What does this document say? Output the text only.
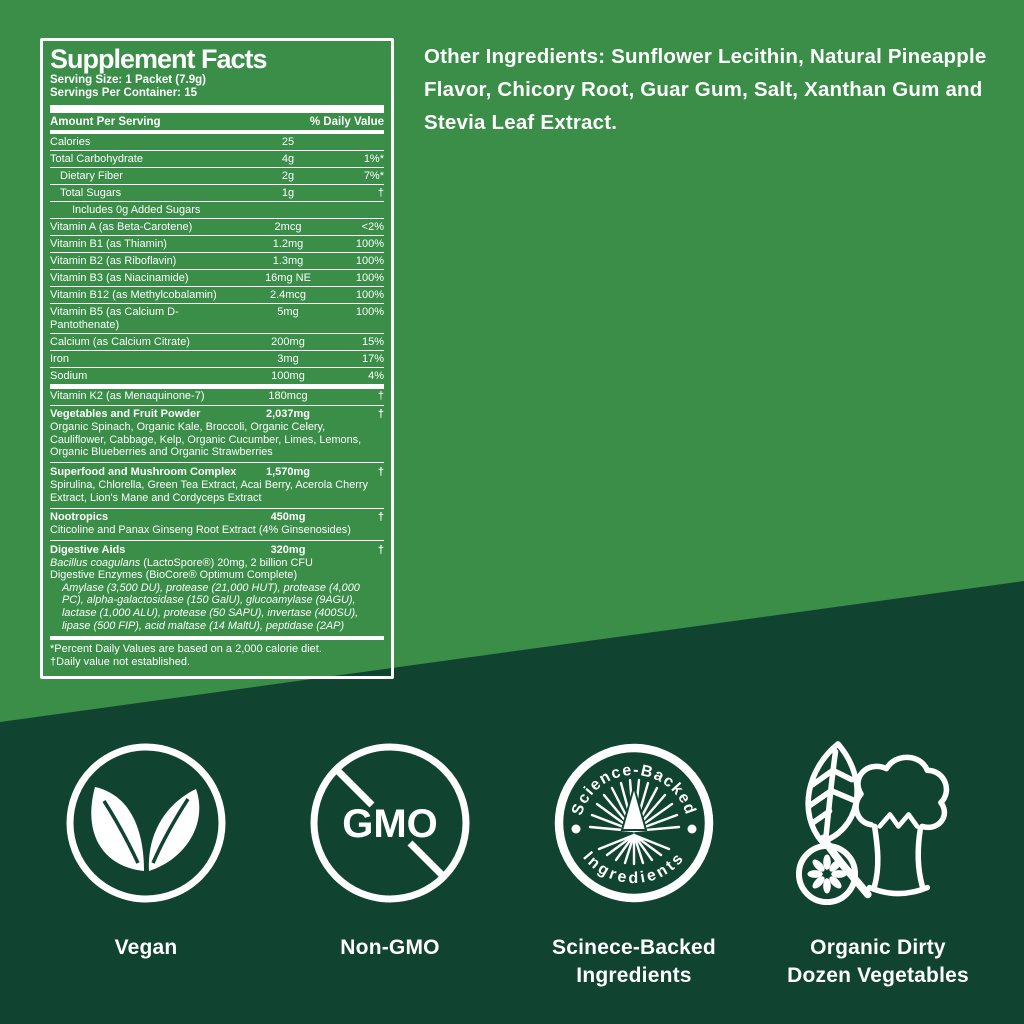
Supplement Facts
Serving Size: 1 Packet (7.9g)
Servings Per Container: 15
Amount Per Serving	% Daily Value
Calories	25
Total Carbohydrate	4g	1%*
Dietary Fiber	2g	7%*
Total Sugars	1g	†
Includes 0g Added Sugars
Vitamin A (as Beta-Carotene)	2mcg	<2%
Vitamin B1 (as Thiamin)	1.2mg	100%
Vitamin B2 (as Riboflavin)	1.3mg	100%
Vitamin B3 (as Niacinamide)	16mg NE	100%
Vitamin B12 (as Methylcobalamin)	2.4mcg	100%
Vitamin B5 (as Calcium D-Pantothenate)
5mg	100%
Calcium (as Calcium Citrate)	200mg	15%
Iron	3mg	17%
Sodium	100mg	4%
Vitamin K2 (as Menaquinone-7)	180mcg	†
Vegetables and Fruit Powder	2,037mg	†
Organic Spinach, Organic Kale, Broccoli, Organic Celery, Cauliflower, Cabbage, Kelp, Organic Cucumber, Limes, Lemons, Organic Blueberries and Organic Strawberries
Superfood and Mushroom Complex	1,570mg	†
Spirulina, Chlorella, Green Tea Extract, Acai Berry, Acerola Cherry Extract, Lion's Mane and Cordyceps Extract
Nootropics	450mg	†
Citicoline and Panax Ginseng Root Extract (4% Ginsenosides)
Digestive Aids	320mg	†
Bacillus coagulans (LactoSpore®) 20mg, 2 billion CFU
Digestive Enzymes (BioCore® Optimum Complete)
Amylase (3,500 DU), protease (21,000 HUT), protease (4,000 PC), alpha-galactosidase (150 GalU), glucoamylase (9AGU), lactase (1,000 ALU), protease (50 SAPU), invertase (400SU), lipase (500 FIP), acid maltase (14 MaltU), peptidase (2AP)
*Percent Daily Values are based on a 2,000 calorie diet.
†Daily value not established.
Other Ingredients: Sunflower Lecithin, Natural Pineapple Flavor, Chicory Root, Guar Gum, Salt, Xanthan Gum and Stevia Leaf Extract.
Vegan
GMO
Non-GMO
Science-Backed
Ingredients
Scinece-Backed
Ingredients
Organic Dirty
Dozen Vegetables
